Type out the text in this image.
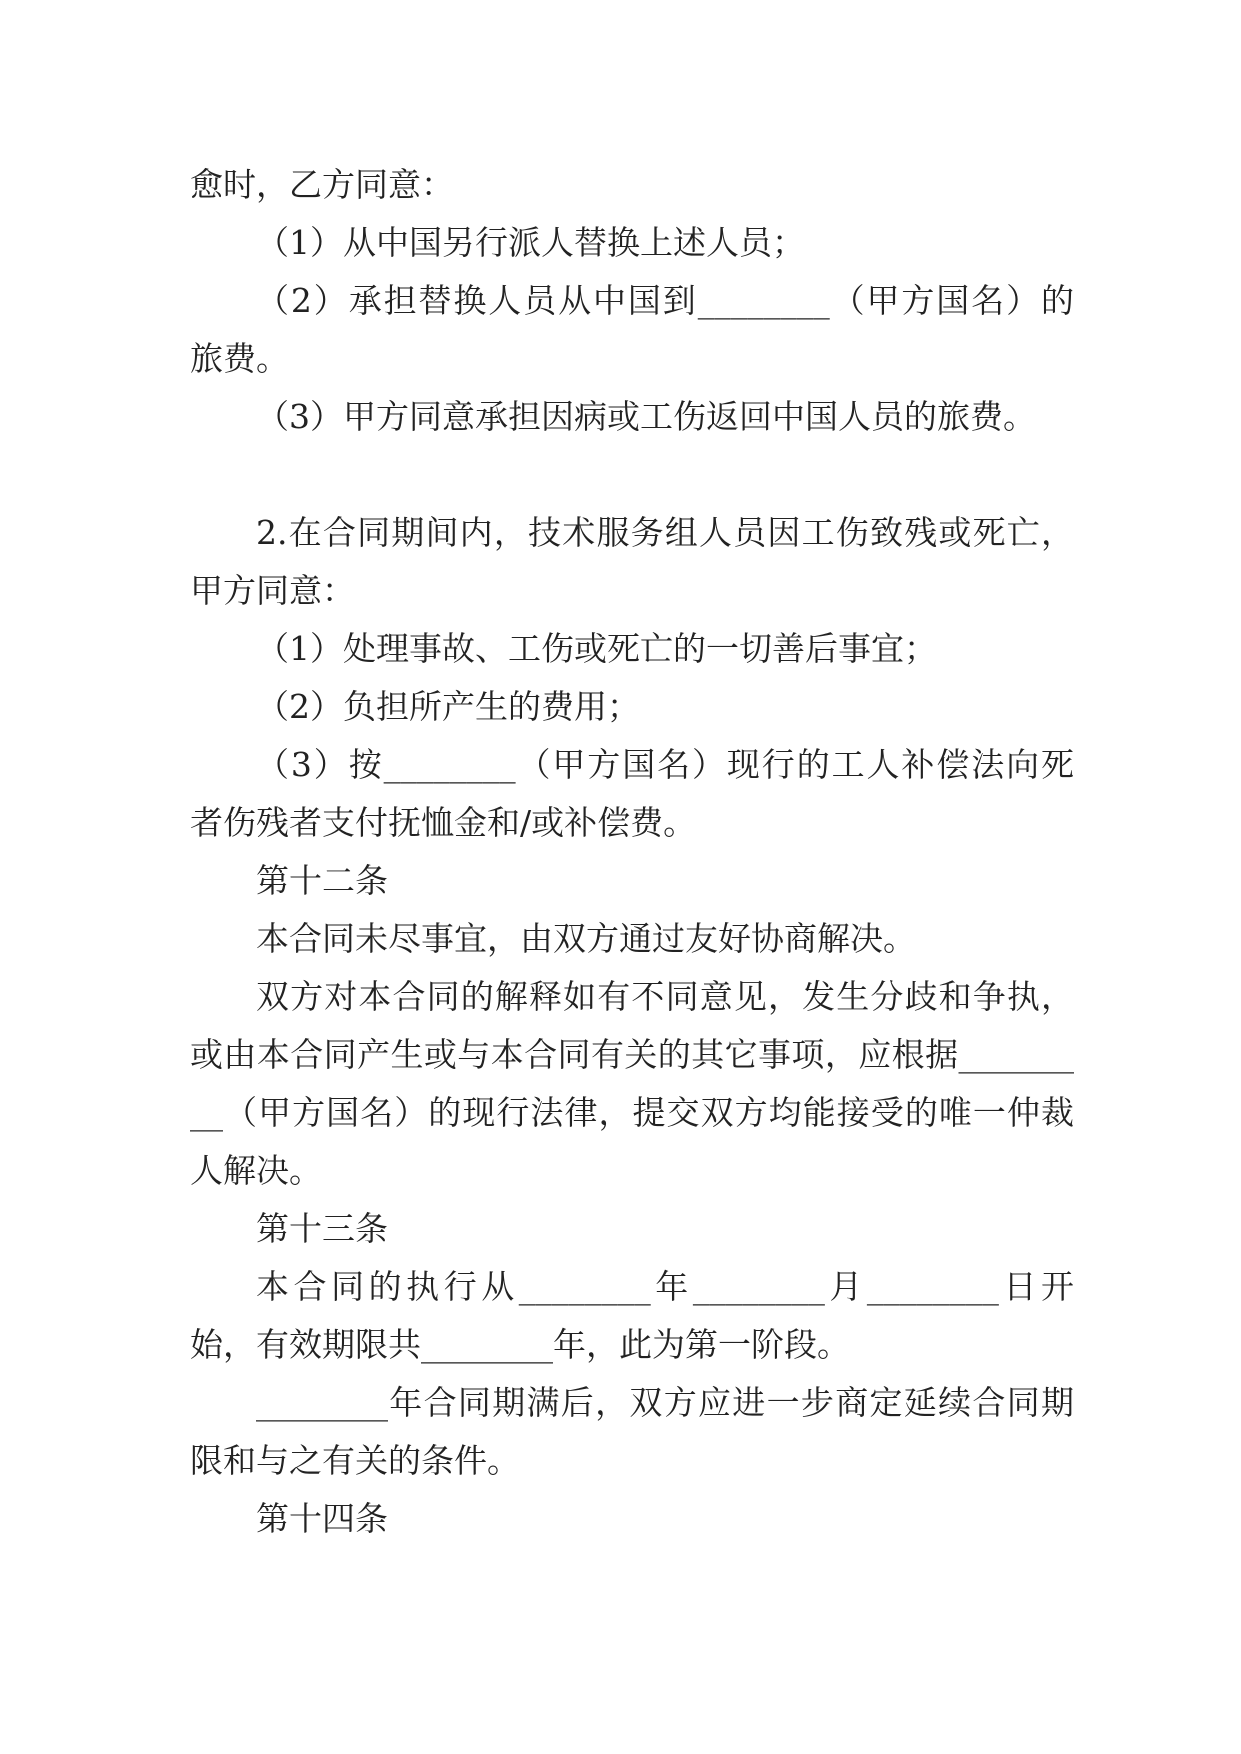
愈时，乙方同意：
（1）从中国另行派人替换上述人员；
（2）承担替换人员从中国到________（甲方国名）的
旅费。
（3）甲方同意承担因病或工伤返回中国人员的旅费。
2.在合同期间内，技术服务组人员因工伤致残或死亡，
甲方同意：
（1）处理事故、工伤或死亡的一切善后事宜；
（2）负担所产生的费用；
（3）按________（甲方国名）现行的工人补偿法向死
者伤残者支付抚恤金和/或补偿费。
第十二条
本合同未尽事宜，由双方通过友好协商解决。
双方对本合同的解释如有不同意见，发生分歧和争执，
或由本合同产生或与本合同有关的其它事项，应根据_______
__（甲方国名）的现行法律，提交双方均能接受的唯一仲裁
人解决。
第十三条
本合同的执行从________年________月________日开
始，有效期限共________年，此为第一阶段。
________年合同期满后，双方应进一步商定延续合同期
限和与之有关的条件。
第十四条
